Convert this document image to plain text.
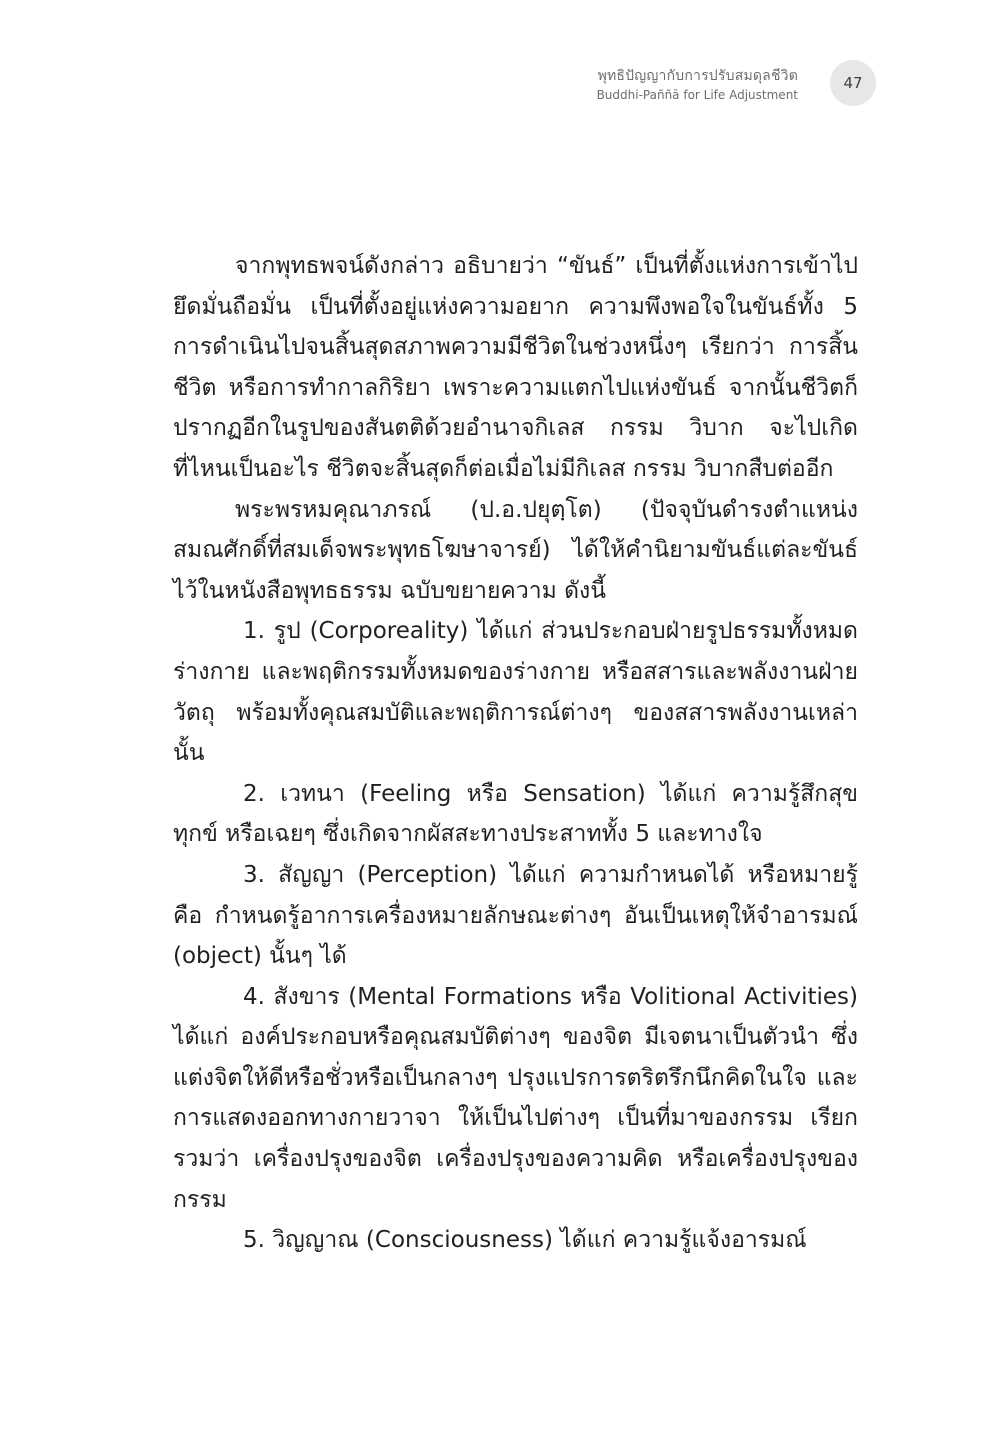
พุทธิปัญญากับการปรับสมดุลชีวิต
Buddhi-Paññā for Life Adjustment
47

จากพุทธพจน์ดังกล่าว อธิบายว่า “ขันธ์” เป็นที่ตั้งแห่งการเข้าไปยึดมั่นถือมั่น เป็นที่ตั้งอยู่แห่งความอยาก ความพึงพอใจในขันธ์ทั้ง 5 การดำเนินไปจนสิ้นสุดสภาพความมีชีวิตในช่วงหนึ่งๆ เรียกว่า การสิ้นชีวิต หรือการทำกาลกิริยา เพราะความแตกไปแห่งขันธ์ จากนั้นชีวิตก็ปรากฏอีกในรูปของสันตติด้วยอำนาจกิเลส กรรม วิบาก จะไปเกิดที่ไหนเป็นอะไร ชีวิตจะสิ้นสุดก็ต่อเมื่อไม่มีกิเลส กรรม วิบากสืบต่ออีก

พระพรหมคุณาภรณ์ (ป.อ.ปยุตฺโต) (ปัจจุบันดำรงตำแหน่งสมณศักดิ์ที่สมเด็จพระพุทธโฆษาจารย์) ได้ให้คำนิยามขันธ์แต่ละขันธ์ไว้ในหนังสือพุทธธรรม ฉบับขยายความ ดังนี้

1. รูป (Corporeality) ได้แก่ ส่วนประกอบฝ่ายรูปธรรมทั้งหมด ร่างกาย และพฤติกรรมทั้งหมดของร่างกาย หรือสสารและพลังงานฝ่ายวัตถุ พร้อมทั้งคุณสมบัติและพฤติการณ์ต่างๆ ของสสารพลังงานเหล่านั้น

2. เวทนา (Feeling หรือ Sensation) ได้แก่ ความรู้สึกสุข ทุกข์ หรือเฉยๆ ซึ่งเกิดจากผัสสะทางประสาททั้ง 5 และทางใจ

3. สัญญา (Perception) ได้แก่ ความกำหนดได้ หรือหมายรู้ คือ กำหนดรู้อาการเครื่องหมายลักษณะต่างๆ อันเป็นเหตุให้จำอารมณ์ (object) นั้นๆ ได้

4. สังขาร (Mental Formations หรือ Volitional Activities) ได้แก่ องค์ประกอบหรือคุณสมบัติต่างๆ ของจิต มีเจตนาเป็นตัวนำ ซึ่งแต่งจิตให้ดีหรือชั่วหรือเป็นกลางๆ ปรุงแปรการตริตรึกนึกคิดในใจ และการแสดงออกทางกายวาจา ให้เป็นไปต่างๆ เป็นที่มาของกรรม เรียกรวมว่า เครื่องปรุงของจิต เครื่องปรุงของความคิด หรือเครื่องปรุงของกรรม

5. วิญญาณ (Consciousness) ได้แก่ ความรู้แจ้งอารมณ์
